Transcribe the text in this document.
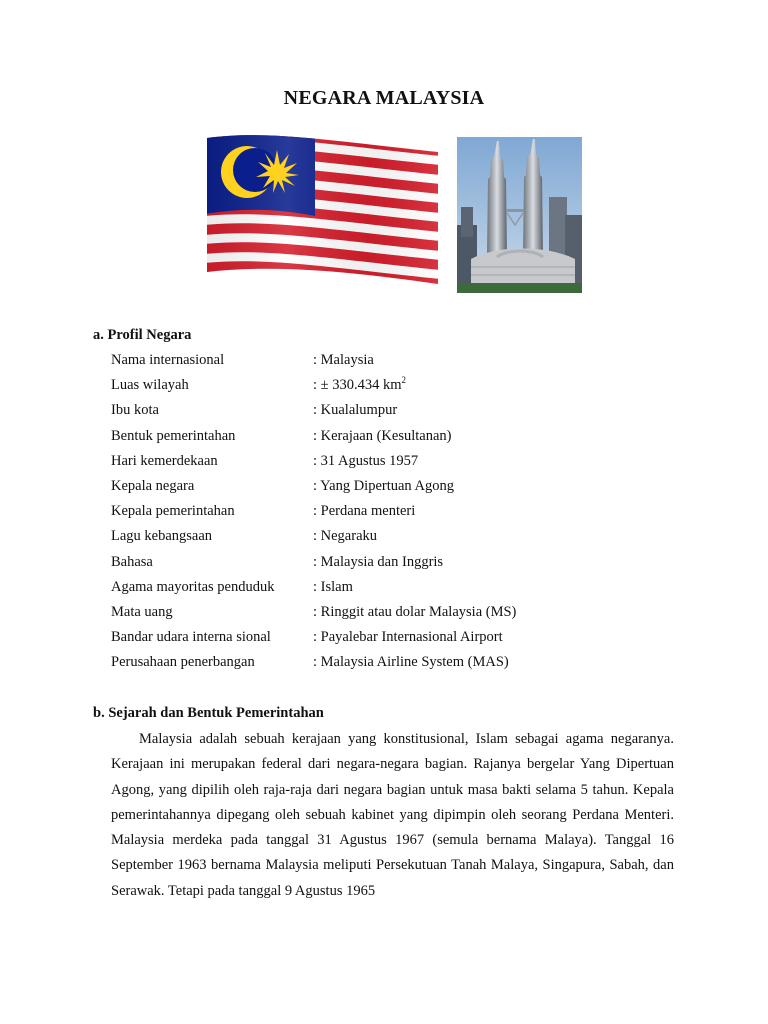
NEGARA MALAYSIA
a. Profil Negara
Nama internasional	: Malaysia
Luas wilayah	: ± 330.434 $km^2$
Ibu kota	: Kualalumpur
Bentuk pemerintahan	: Kerajaan (Kesultanan)
Hari kemerdekaan	: 31 Agustus 1957
Kepala negara	: Yang Dipertuan Agong
Kepala pemerintahan	: Perdana menteri
Lagu kebangsaan	: Negaraku
Bahasa	: Malaysia dan Inggris
Agama mayoritas penduduk	: Islam
Mata uang	: Ringgit atau dolar Malaysia (MS)
Bandar udara interna sional	: Payalebar Internasional Airport
Perusahaan penerbangan	: Malaysia Airline System (MAS)
b. Sejarah dan Bentuk Pemerintahan

Malaysia adalah sebuah kerajaan yang konstitusional, Islam sebagai agama negaranya. Kerajaan ini merupakan federal dari negara-negara bagian. Rajanya bergelar Yang Dipertuan Agong, yang dipilih oleh raja-raja dari negara bagian untuk masa bakti selama 5 tahun. Kepala pemerintahannya dipegang oleh sebuah kabinet yang dipimpin oleh seorang Perdana Menteri. Malaysia merdeka pada tanggal 31 Agustus 1967 (semula bernama Malaya). Tanggal 16 September 1963 bernama Malaysia meliputi Persekutuan Tanah Malaya, Singapura, Sabah, dan Serawak. Tetapi pada tanggal 9 Agustus 1965
